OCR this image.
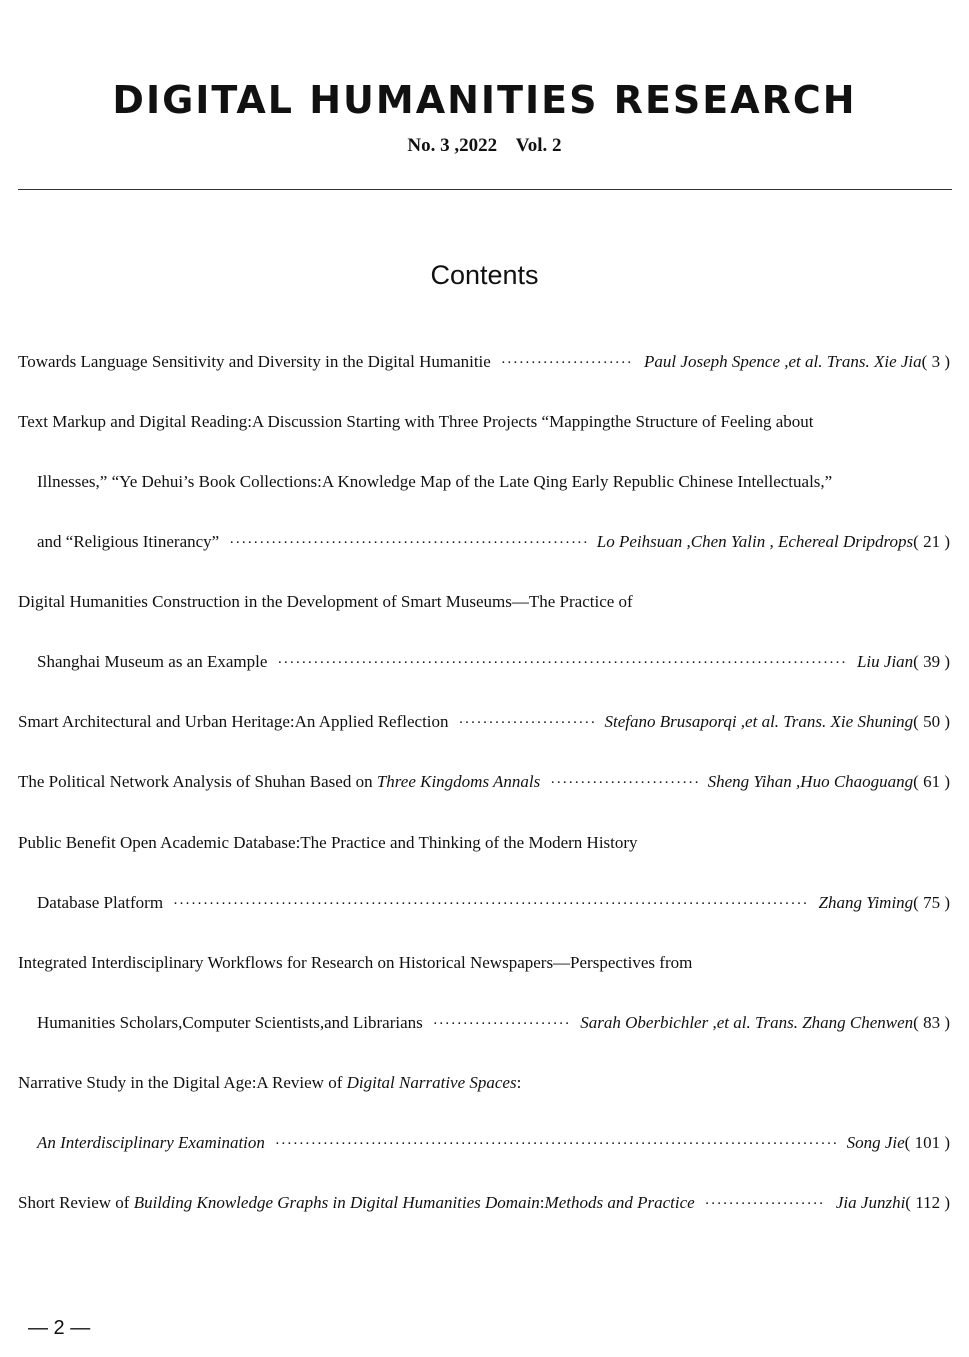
DIGITAL HUMANITIES RESEARCH
No. 3 ,2022    Vol. 2
Contents
Towards Language Sensitivity and Diversity in the Digital Humanitie ·····	Paul Joseph Spence ,et al. Trans. Xie Jia( 3 )
Text Markup and Digital Reading:A Discussion Starting with Three Projects “Mappingthe Structure of Feeling about
Illnesses,” “Ye Dehui’s Book Collections:A Knowledge Map of the Late Qing Early Republic Chinese Intellectuals,”
and “Religious Itinerancy” ·····	Lo Peihsuan ,Chen Yalin , Echereal Dripdrops( 21 )
Digital Humanities Construction in the Development of Smart Museums—The Practice of
Shanghai Museum as an Example ·····	Liu Jian( 39 )
Smart Architectural and Urban Heritage:An Applied Reflection ·····	Stefano Brusaporqi ,et al. Trans. Xie Shuning( 50 )
The Political Network Analysis of Shuhan Based on Three Kingdoms Annals ·····	Sheng Yihan ,Huo Chaoguang( 61 )
Public Benefit Open Academic Database:The Practice and Thinking of the Modern History
Database Platform ·····	Zhang Yiming( 75 )
Integrated Interdisciplinary Workflows for Research on Historical Newspapers—Perspectives from
Humanities Scholars,Computer Scientists,and Librarians ·····	Sarah Oberbichler ,et al. Trans. Zhang Chenwen( 83 )
Narrative Study in the Digital Age:A Review of Digital Narrative Spaces:
An Interdisciplinary Examination ·····	Song Jie( 101 )
Short Review of Building Knowledge Graphs in Digital Humanities Domain:Methods and Practice ·····	Jia Junzhi( 112 )
— 2 —
